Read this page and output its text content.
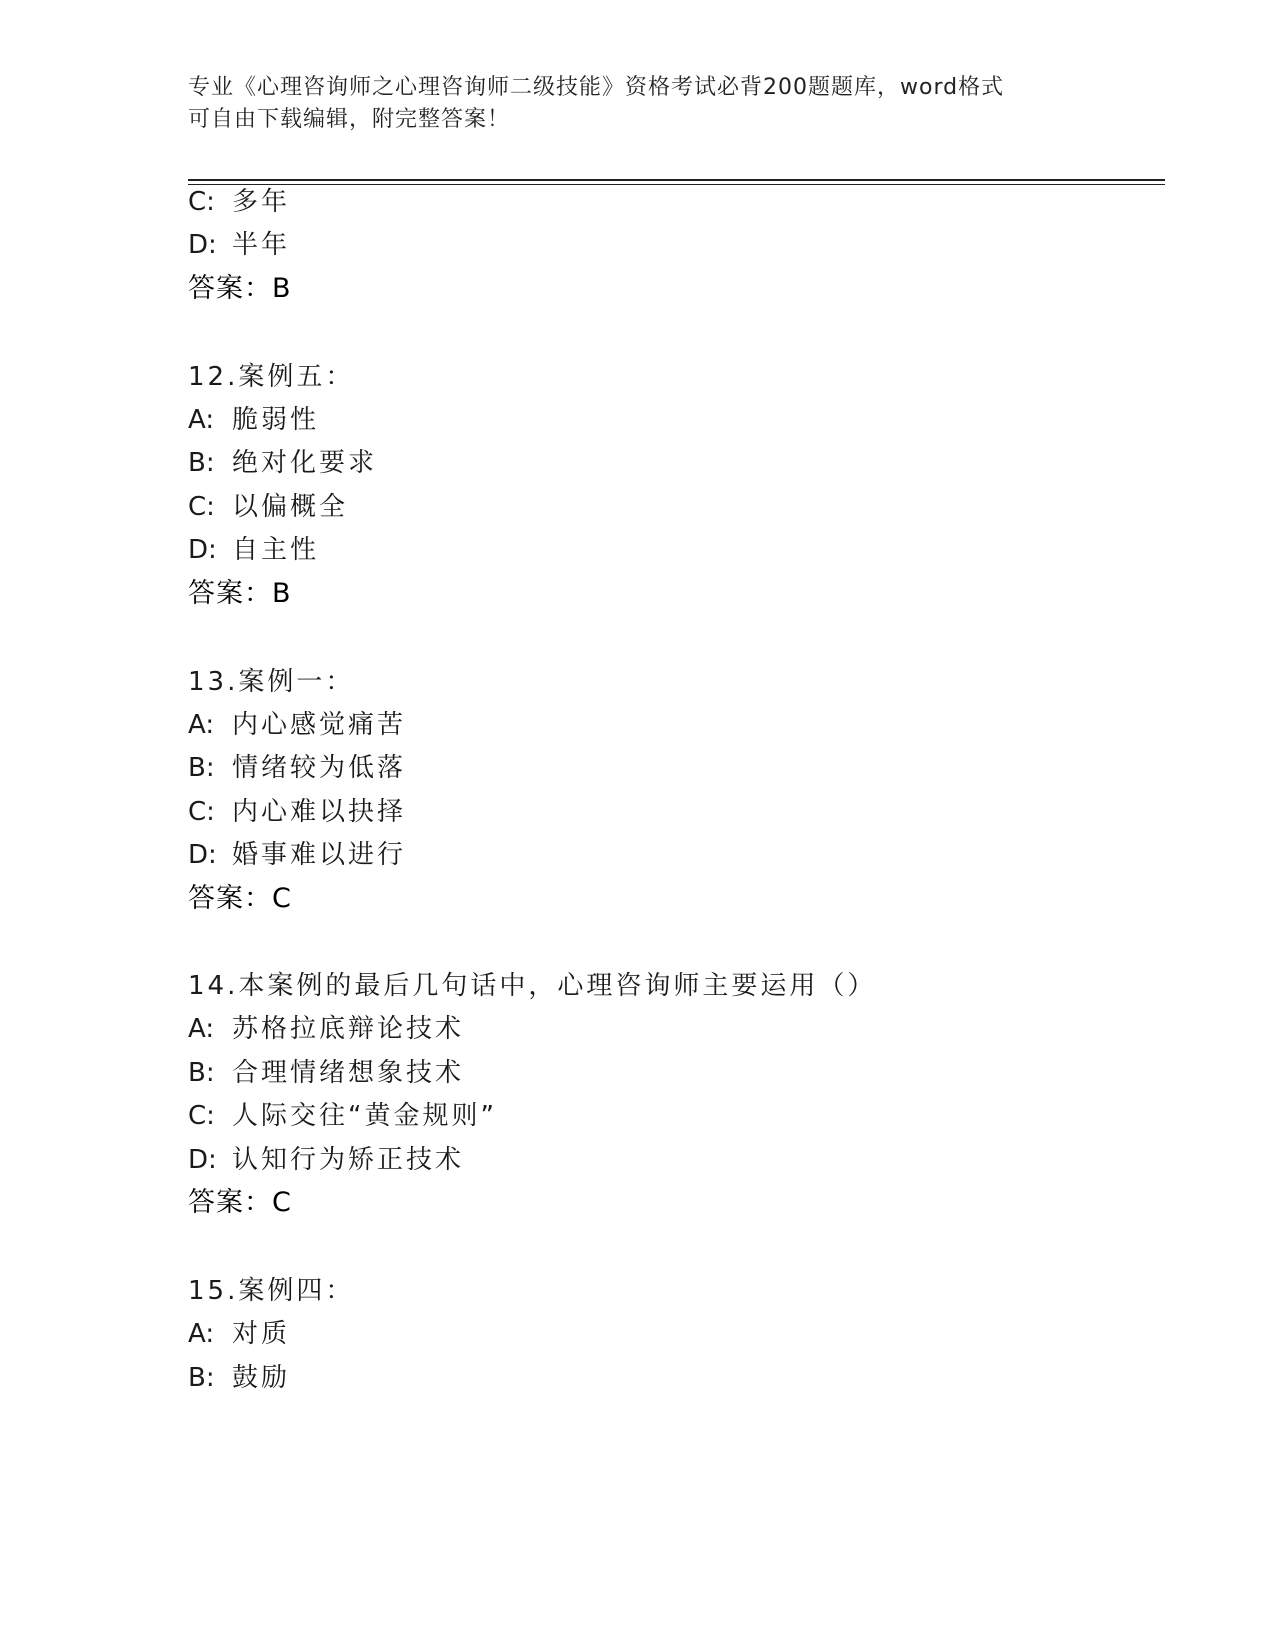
专业《心理咨询师之心理咨询师二级技能》资格考试必背200题题库，word格式
可自由下载编辑，附完整答案！
C: 多年
D: 半年
答案：B
12.案例五：
A: 脆弱性
B: 绝对化要求
C: 以偏概全
D: 自主性
答案：B
13.案例一：
A: 内心感觉痛苦
B: 情绪较为低落
C: 内心难以抉择
D: 婚事难以进行
答案：C
14.本案例的最后几句话中，心理咨询师主要运用（）
A: 苏格拉底辩论技术
B: 合理情绪想象技术
C: 人际交往“黄金规则”
D: 认知行为矫正技术
答案：C
15.案例四：
A: 对质
B: 鼓励
